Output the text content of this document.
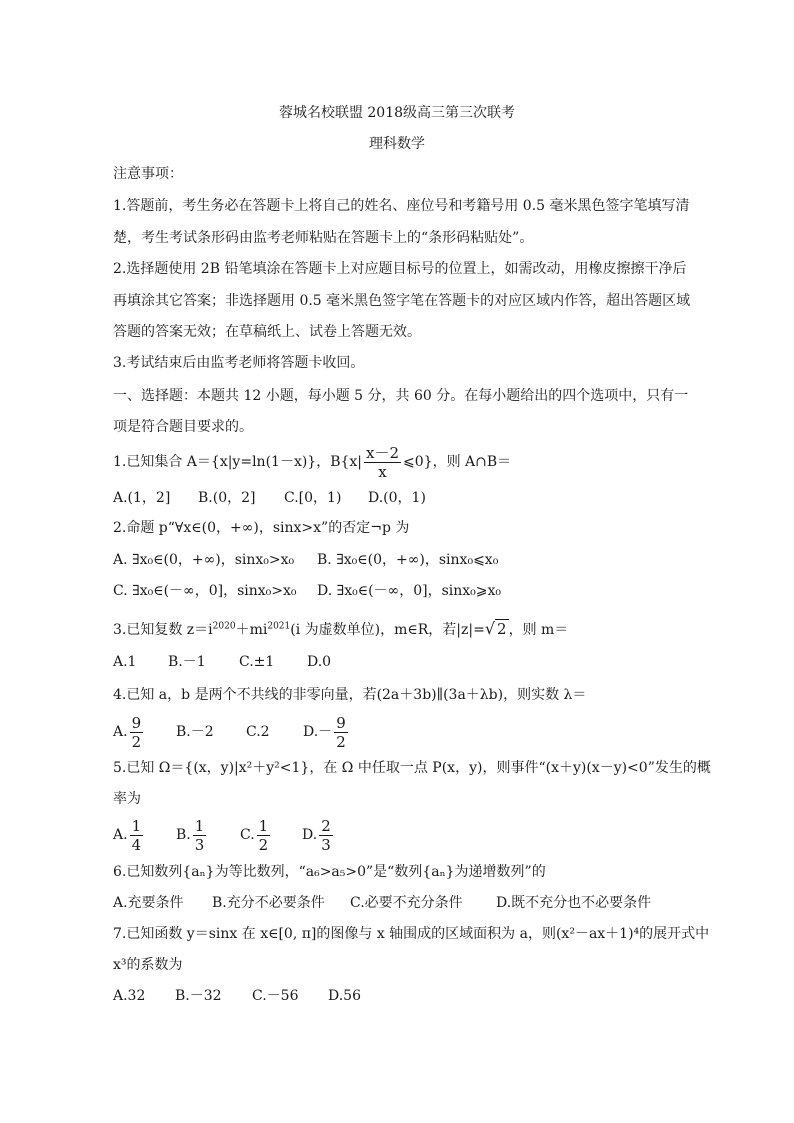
蓉城名校联盟 2018级高三第三次联考
理科数学
注意事项：
1.答题前，考生务必在答题卡上将自己的姓名、座位号和考籍号用 0.5 毫米黑色签字笔填写清
楚，考生考试条形码由监考老师粘贴在答题卡上的“条形码粘贴处”。
2.选择题使用 2B 铅笔填涂在答题卡上对应题目标号的位置上，如需改动，用橡皮擦擦干净后
再填涂其它答案；非选择题用 0.5 毫米黑色签字笔在答题卡的对应区域内作答，超出答题区域
答题的答案无效；在草稿纸上、试卷上答题无效。
3.考试结束后由监考老师将答题卡收回。
一、选择题：本题共 12 小题，每小题 5 分，共 60 分。在每小题给出的四个选项中，只有一
项是符合题目要求的。
1.已知集合 A＝{x|y=ln(1－x)}，$B\{x| \frac{x-2}{x}$ ⩽0}，则 A∩B＝
A.(1，2] B.(0，2] C.[0，1) D.(0，1)
2.命题 p“∀x∈(0，+∞)，sinx>x”的否定¬p 为
A. ∃x₀∈(0，+∞)，sinx₀>x₀ B. ∃x₀∈(0，+∞)，sinx₀⩽x₀
C. ∃x₀∈(－∞，0]，sinx₀>x₀ D. ∃x₀∈(－∞，0]，sinx₀⩾x₀
3.已知复数 $z=i^{2020}+mi^{2021}(i$ 为虚数单位)，m∈R，若|z|=√ 2 ，则 m＝
A.1 B.－1 C.±1 D.0
4.已知 a，b 是两个不共线的非零向量，若(2a＋3b)∥(3a＋λb)，则实数 λ＝
A. $\frac{9}{2} B.-2$ C.2 $D.- \frac{9}{2}$
5.已知 Ω＝{(x，y)|x²＋y²<1}，在 Ω 中任取一点 P(x，y)，则事件“(x＋y)(x－y)<0”发生的概
率为
A. $\frac{1}{4} B$. $\frac{1}{3} C$. $\frac{1}{2} D$. $\frac{2}{3}$
6.已知数列{aₙ}为等比数列，“a₆>a₅>0”是“数列{aₙ}为递增数列”的
A.充要条件 B.充分不必要条件 C.必要不充分条件 D.既不充分也不必要条件
7.已知函数 y＝sinx 在 x∈[0, π]的图像与 x 轴围成的区域面积为 a，则(x²－ax＋1)⁴的展开式中
x³的系数为
A.32 B.－32 C.－56 D.56
